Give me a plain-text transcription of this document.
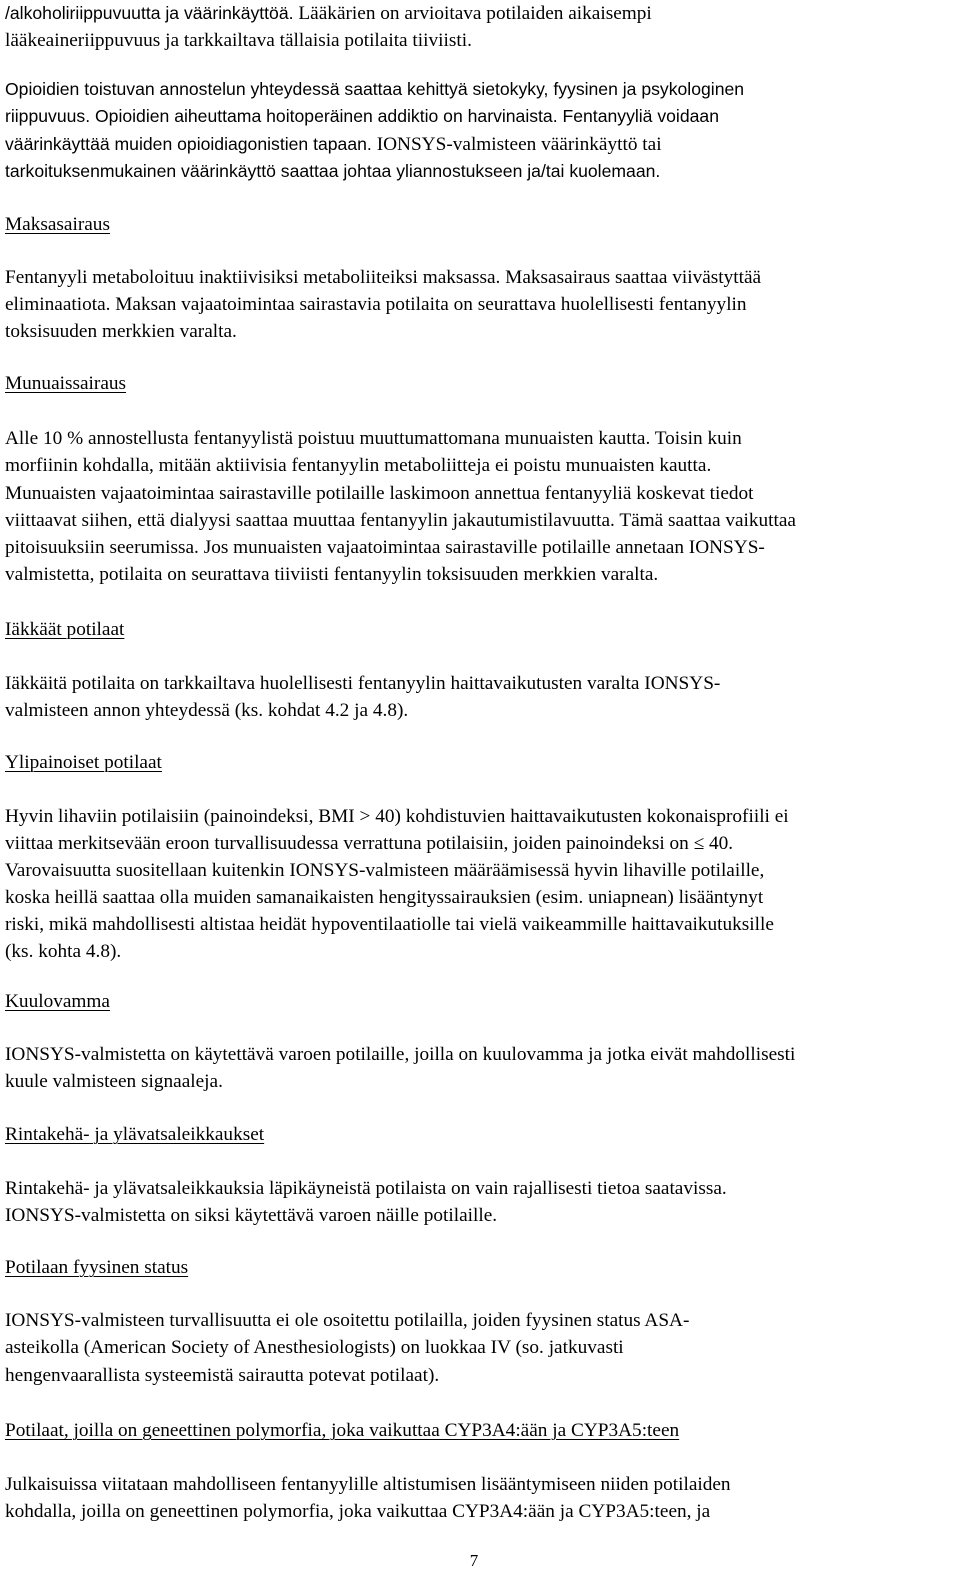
/alkoholiriippuvuutta ja väärinkäyttöä. Lääkärien on arvioitava potilaiden aikaisempi
lääkeaineriippuvuus ja tarkkailtava tällaisia potilaita tiiviisti.
Opioidien toistuvan annostelun yhteydessä saattaa kehittyä sietokyky, fyysinen ja psykologinen
riippuvuus. Opioidien aiheuttama hoitoperäinen addiktio on harvinaista. Fentanyyliä voidaan
väärinkäyttää muiden opioidiagonistien tapaan. IONSYS-valmisteen väärinkäyttö tai
tarkoituksenmukainen väärinkäyttö saattaa johtaa yliannostukseen ja/tai kuolemaan.
Maksasairaus
Fentanyyli metaboloituu inaktiivisiksi metaboliiteiksi maksassa. Maksasairaus saattaa viivästyttää
eliminaatiota. Maksan vajaatoimintaa sairastavia potilaita on seurattava huolellisesti fentanyylin
toksisuuden merkkien varalta.
Munuaissairaus
Alle 10 % annostellusta fentanyylistä poistuu muuttumattomana munuaisten kautta. Toisin kuin
morfiinin kohdalla, mitään aktiivisia fentanyylin metaboliitteja ei poistu munuaisten kautta.
Munuaisten vajaatoimintaa sairastaville potilaille laskimoon annettua fentanyyliä koskevat tiedot
viittaavat siihen, että dialyysi saattaa muuttaa fentanyylin jakautumistilavuutta. Tämä saattaa vaikuttaa
pitoisuuksiin seerumissa. Jos munuaisten vajaatoimintaa sairastaville potilaille annetaan IONSYS-
valmistetta, potilaita on seurattava tiiviisti fentanyylin toksisuuden merkkien varalta.
Iäkkäät potilaat
Iäkkäitä potilaita on tarkkailtava huolellisesti fentanyylin haittavaikutusten varalta IONSYS-
valmisteen annon yhteydessä (ks. kohdat 4.2 ja 4.8).
Ylipainoiset potilaat
Hyvin lihaviin potilaisiin (painoindeksi, BMI > 40) kohdistuvien haittavaikutusten kokonaisprofiili ei
viittaa merkitsevään eroon turvallisuudessa verrattuna potilaisiin, joiden painoindeksi on ≤ 40.
Varovaisuutta suositellaan kuitenkin IONSYS-valmisteen määräämisessä hyvin lihaville potilaille,
koska heillä saattaa olla muiden samanaikaisten hengityssairauksien (esim. uniapnean) lisääntynyt
riski, mikä mahdollisesti altistaa heidät hypoventilaatiolle tai vielä vaikeammille haittavaikutuksille
(ks. kohta 4.8).
Kuulovamma
IONSYS-valmistetta on käytettävä varoen potilaille, joilla on kuulovamma ja jotka eivät mahdollisesti
kuule valmisteen signaaleja.
Rintakehä- ja ylävatsaleikkaukset
Rintakehä- ja ylävatsaleikkauksia läpikäyneistä potilaista on vain rajallisesti tietoa saatavissa.
IONSYS-valmistetta on siksi käytettävä varoen näille potilaille.
Potilaan fyysinen status
IONSYS-valmisteen turvallisuutta ei ole osoitettu potilailla, joiden fyysinen status ASA-
asteikolla (American Society of Anesthesiologists) on luokkaa IV (so. jatkuvasti
hengenvaarallista systeemistä sairautta potevat potilaat).
Potilaat, joilla on geneettinen polymorfia, joka vaikuttaa CYP3A4:ään ja CYP3A5:teen
Julkaisuissa viitataan mahdolliseen fentanyylille altistumisen lisääntymiseen niiden potilaiden
kohdalla, joilla on geneettinen polymorfia, joka vaikuttaa CYP3A4:ään ja CYP3A5:teen, ja
7
